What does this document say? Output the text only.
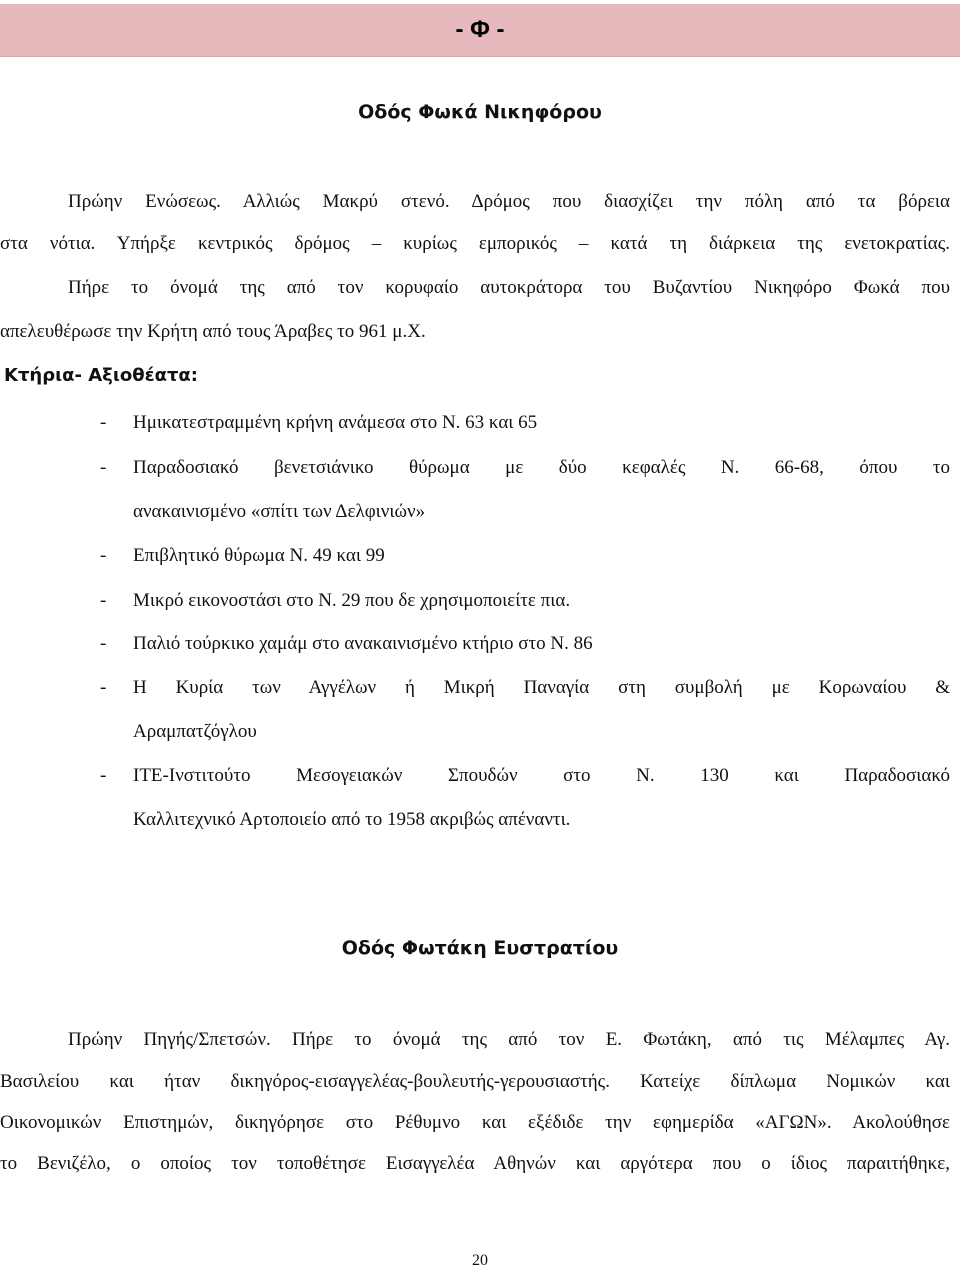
- Φ -
Οδός Φωκά Νικηφόρου
Πρώην Ενώσεως. Αλλιώς Μακρύ στενό. Δρόμος που διασχίζει την πόλη από τα βόρεια
στα νότια. Υπήρξε κεντρικός δρόμος – κυρίως εμπορικός – κατά τη διάρκεια της ενετοκρατίας.
Πήρε το όνομά της από τον κορυφαίο αυτοκράτορα του Βυζαντίου Νικηφόρο Φωκά που
απελευθέρωσε την Κρήτη από τους Άραβες το 961 μ.Χ.
Κτήρια- Αξιοθέατα:
-	Ημικατεστραμμένη κρήνη ανάμεσα στο Ν. 63 και 65
-	Παραδοσιακό βενετσιάνικο θύρωμα με δύο κεφαλές Ν. 66-68, όπου το
ανακαινισμένο «σπίτι των Δελφινιών»
-	Επιβλητικό θύρωμα Ν. 49 και 99
-	Μικρό εικονοστάσι στο Ν. 29 που δε χρησιμοποιείτε πια.
-	Παλιό τούρκικο χαμάμ στο ανακαινισμένο κτήριο στο Ν. 86
-	Η Κυρία των Αγγέλων ή Μικρή Παναγία στη συμβολή με Κορωναίου &
Αραμπατζόγλου
-	ΙΤΕ-Ινστιτούτο Μεσογειακών Σπουδών στο Ν. 130 και Παραδοσιακό
Καλλιτεχνικό Αρτοποιείο από το 1958 ακριβώς απέναντι.
Οδός Φωτάκη Ευστρατίου
Πρώην Πηγής/Σπετσών. Πήρε το όνομά της από τον Ε. Φωτάκη, από τις Μέλαμπες Αγ.
Βασιλείου και ήταν δικηγόρος-εισαγγελέας-βουλευτής-γερουσιαστής. Κατείχε δίπλωμα Νομικών και
Οικονομικών Επιστημών, δικηγόρησε στο Ρέθυμνο και εξέδιδε την εφημερίδα «ΑΓΩΝ». Ακολούθησε
το Βενιζέλο, ο οποίος τον τοποθέτησε Εισαγγελέα Αθηνών και αργότερα που ο ίδιος παραιτήθηκε,
20
